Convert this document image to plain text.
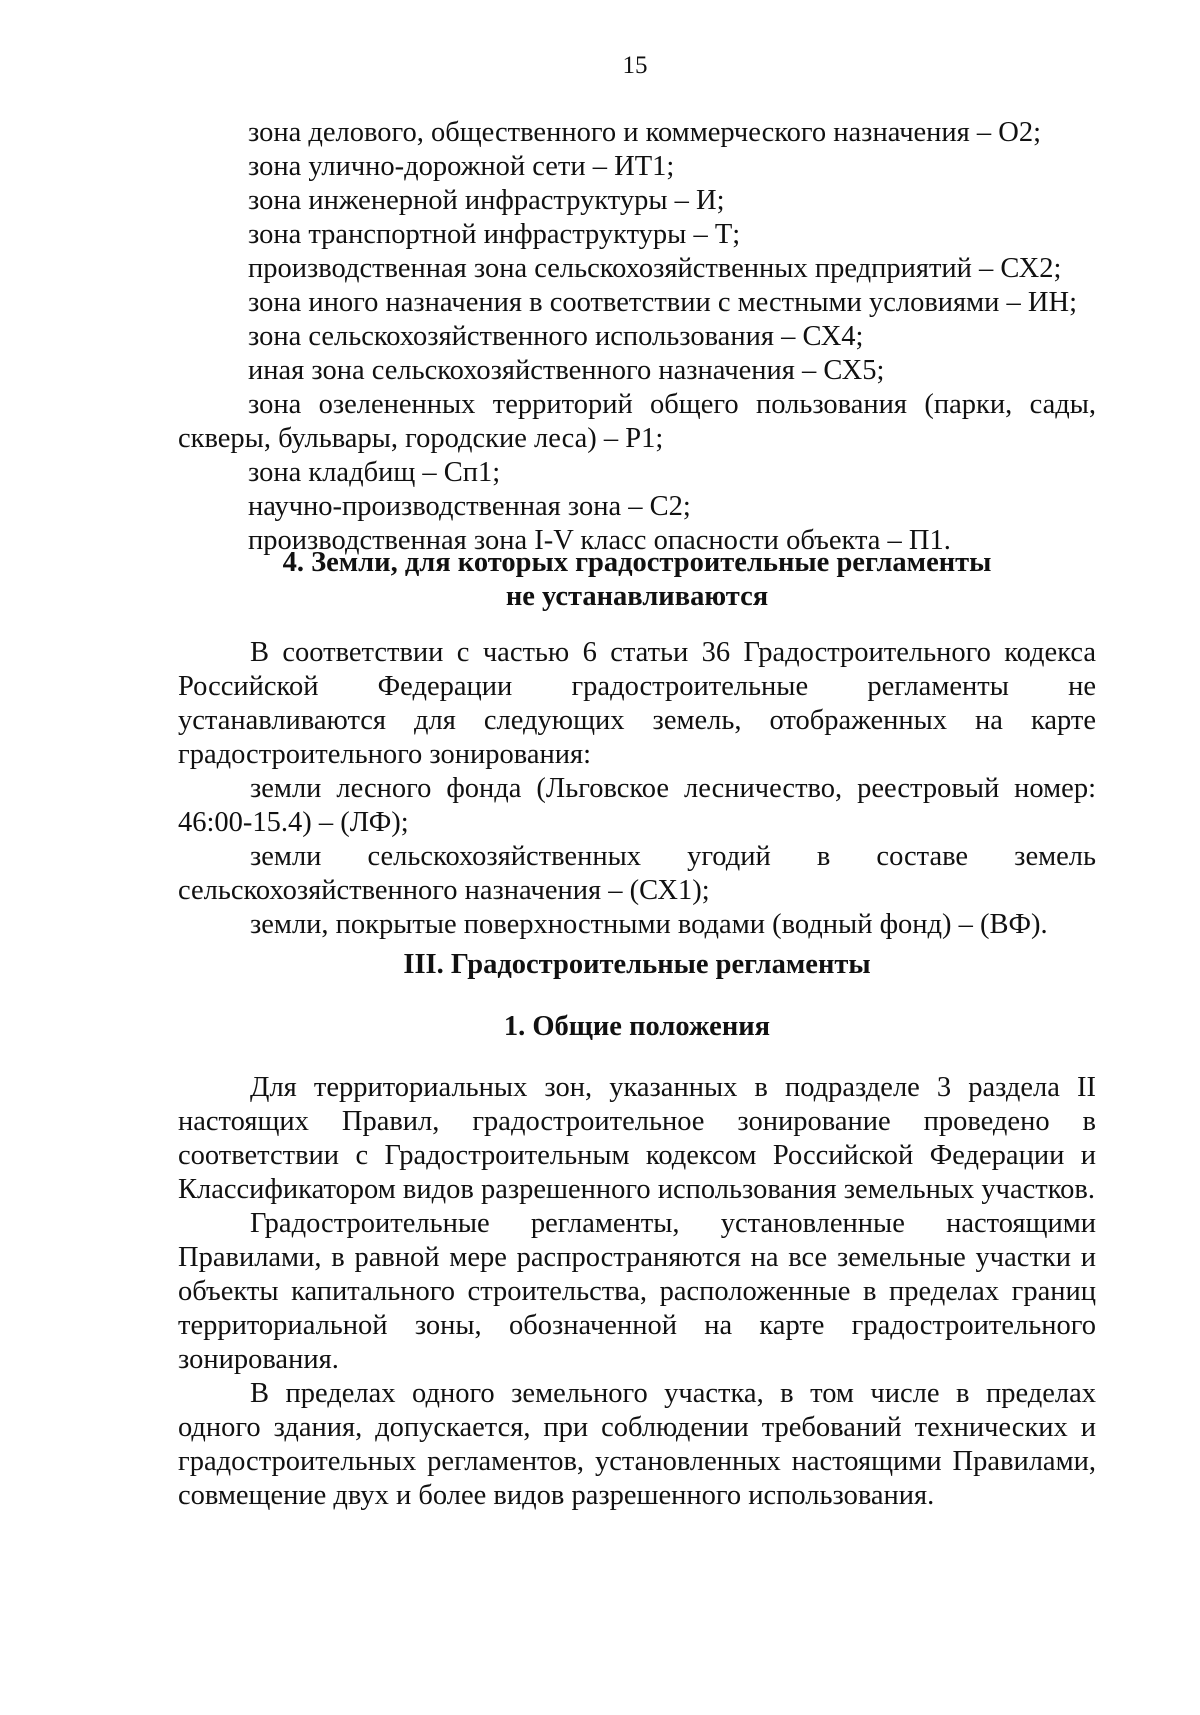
15

зона делового, общественного и коммерческого назначения – О2;

зона улично-дорожной сети – ИТ1;

зона инженерной инфраструктуры – И;

зона транспортной инфраструктуры – Т;

производственная зона сельскохозяйственных предприятий – СХ2;

зона иного назначения в соответствии с местными условиями – ИН;

зона сельскохозяйственного использования – СХ4;

иная зона сельскохозяйственного назначения – СХ5;

зона озелененных территорий общего пользования (парки, сады, скверы, бульвары, городские леса) – Р1;

зона кладбищ – Сп1;

научно-производственная зона – С2;

производственная зона I-V класс опасности объекта – П1.

4. Земли, для которых градостроительные регламенты
не устанавливаются

В соответствии с частью 6 статьи 36 Градостроительного кодекса Российской Федерации градостроительные регламенты не устанавливаются для следующих земель, отображенных на карте градостроительного зонирования:

земли лесного фонда (Льговское лесничество, реестровый номер: 46:00-15.4) – (ЛФ);

земли сельскохозяйственных угодий в составе земель сельскохозяйственного назначения – (СХ1);

земли, покрытые поверхностными водами (водный фонд) – (ВФ).

III. Градостроительные регламенты
1. Общие положения

Для территориальных зон, указанных в подразделе 3 раздела II настоящих Правил, градостроительное зонирование проведено в соответствии с Градостроительным кодексом Российской Федерации и Классификатором видов разрешенного использования земельных участков.

Градостроительные регламенты, установленные настоящими Правилами, в равной мере распространяются на все земельные участки и объекты капитального строительства, расположенные в пределах границ территориальной зоны, обозначенной на карте градостроительного зонирования.

В пределах одного земельного участка, в том числе в пределах одного здания, допускается, при соблюдении требований технических и градостроительных регламентов, установленных настоящими Правилами, совмещение двух и более видов разрешенного использования.
